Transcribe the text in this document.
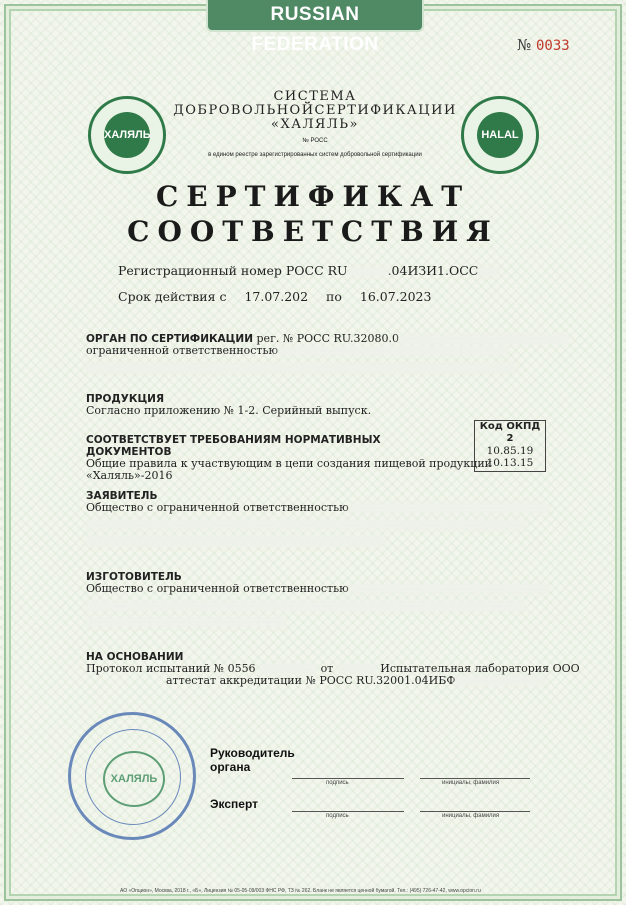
RUSSIAN FEDERATION	№ 0033
ХАЛЯЛЬ	HALAL
СИСТЕМА
ДОБРОВОЛЬНОЙСЕРТИФИКАЦИИ
«ХАЛЯЛЬ»
№ РОСС
в едином реестре зарегистрированных систем добровольной сертификации
СЕРТИФИКАТ
СООТВЕТСТВИЯ
Регистрационный номер РОСС RU	.04ИЗИ1.ОСС
Срок действия с 17.07.202 по 16.07.2023
ОРГАН ПО СЕРТИФИКАЦИИ рег. № РОСС RU.32080.0
ограниченной ответственностью

ПРОДУКЦИЯ
Согласно приложению № 1-2. Серийный выпуск.
Код ОКПД 2
10.85.19
10.13.15
СООТВЕТСТВУЕТ ТРЕБОВАНИЯМ НОРМАТИВНЫХ
ДОКУМЕНТОВ
Общие правила к участвующим в цепи создания пищевой продукции «Халяль»-2016
ЗАЯВИТЕЛЬ
Общество с ограниченной ответственностью

ИЗГОТОВИТЕЛЬ
Общество с ограниченной ответственностью

НА ОСНОВАНИИ
Протокол испытаний № 0556	от	Испытательная лаборатория ООО
аттестат аккредитации № РОСС RU.32001.04ИБФ
ХАЛЯЛЬ
Руководитель
органа
подпись	инициалы, фамилия
Эксперт
подпись	инициалы, фамилия
АО «Опцион», Москва, 2018 г., «Б», Лицензия № 05-05-09/003 ФНС РФ, ТЗ № 262. Бланк не является ценной бумагой. Тел.: (495) 726-47-42, www.opcion.ru
